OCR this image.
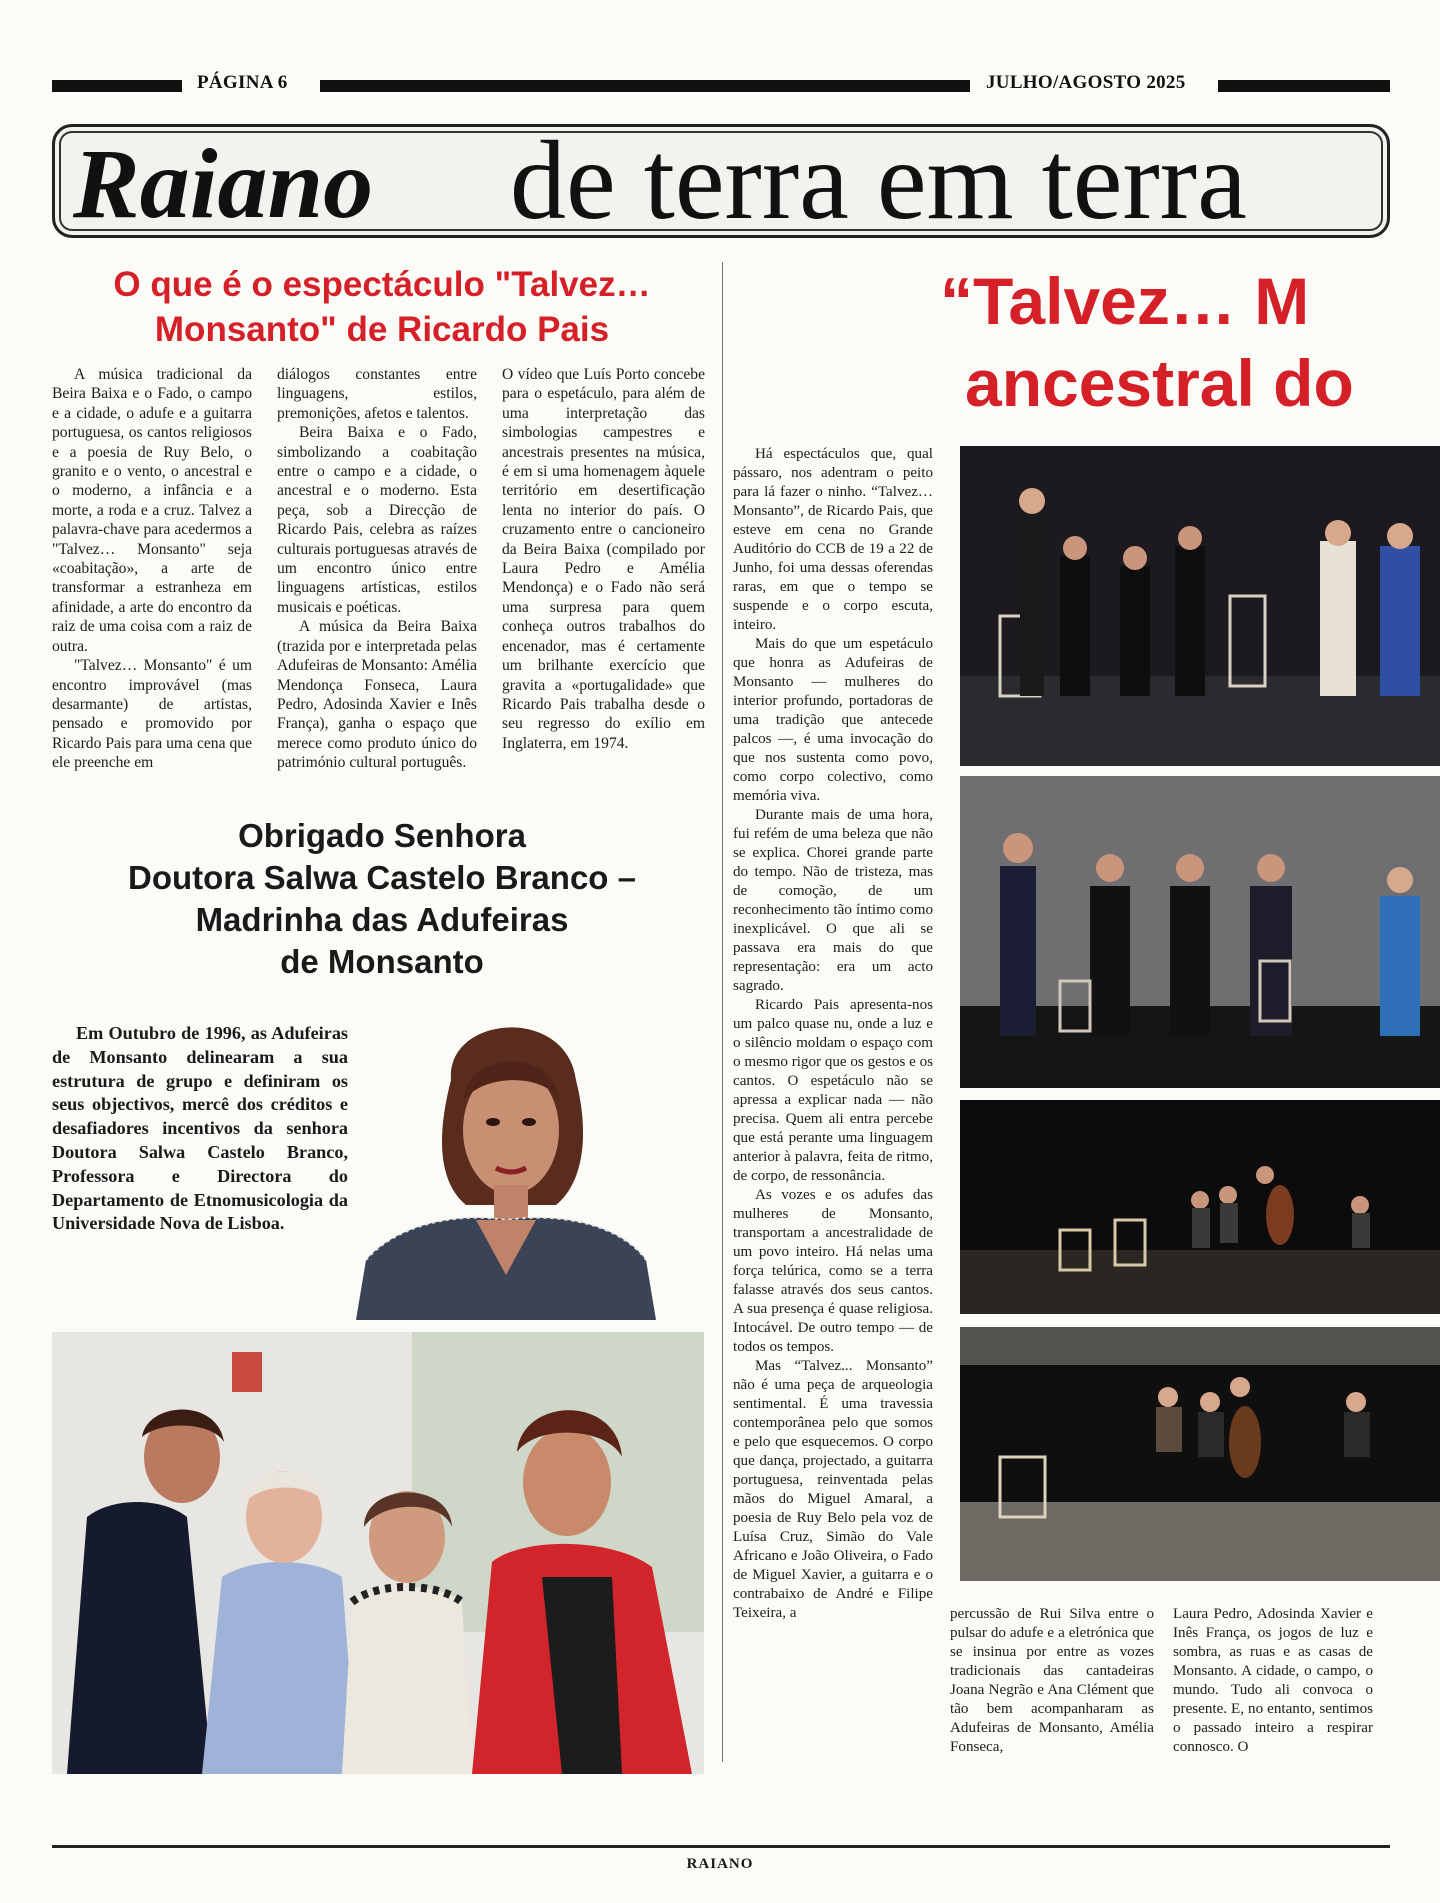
PÁGINA 6	JULHO/AGOSTO 2025
Raiano de terra em terra
O que é o espectáculo "Talvez…
Monsanto" de Ricardo Pais

A música tradicional da Beira Baixa e o Fado, o campo e a cidade, o adufe e a guitarra portuguesa, os cantos religiosos e a poesia de Ruy Belo, o granito e o vento, o ancestral e o moderno, a infância e a morte, a roda e a cruz. Talvez a palavra-chave para acedermos a "Talvez… Monsanto" seja «coabitação», a arte de transformar a estranheza em afinidade, a arte do encontro da raiz de uma coisa com a raiz de outra.

"Talvez… Monsanto" é um encontro improvável (mas desarmante) de artistas, pensado e promovido por Ricardo Pais para uma cena que ele preenche em

diálogos constantes entre linguagens, estilos, premonições, afetos e talentos.

Beira Baixa e o Fado, simbolizando a coabitação entre o campo e a cidade, o ancestral e o moderno. Esta peça, sob a Direcção de Ricardo Pais, celebra as raízes culturais portuguesas através de um encontro único entre linguagens artísticas, estilos musicais e poéticas.

A música da Beira Baixa (trazida por e interpretada pelas Adufeiras de Monsanto: Amélia Mendonça Fonseca, Laura Pedro, Adosinda Xavier e Inês França), ganha o espaço que merece como produto único do património cultural português.

O vídeo que Luís Porto concebe para o espetáculo, para além de uma interpretação das simbologias campestres e ancestrais presentes na música, é em si uma homenagem àquele território em desertificação lenta no interior do país. O cruzamento entre o cancioneiro da Beira Baixa (compilado por Laura Pedro e Amélia Mendonça) e o Fado não será uma surpresa para quem conheça outros trabalhos do encenador, mas é certamente um brilhante exercício que gravita a «portugalidade» que Ricardo Pais trabalha desde o seu regresso do exílio em Inglaterra, em 1974.

Obrigado Senhora
Doutora Salwa Castelo Branco –
Madrinha das Adufeiras
de Monsanto

Em Outubro de 1996, as Adufeiras de Monsanto delinearam a sua estrutura de grupo e definiram os seus objectivos, mercê dos créditos e desafiadores incentivos da senhora Doutora Salwa Castelo Branco, Professora e Directora do Departamento de Etnomusicologia da Universidade Nova de Lisboa.

“Talvez… M
ancestral do

Há espectáculos que, qual pássaro, nos adentram o peito para lá fazer o ninho. “Talvez… Monsanto”, de Ricardo Pais, que esteve em cena no Grande Auditório do CCB de 19 a 22 de Junho, foi uma dessas oferendas raras, em que o tempo se suspende e o corpo escuta, inteiro.

Mais do que um espetáculo que honra as Adufeiras de Monsanto — mulheres do interior profundo, portadoras de uma tradição que antecede palcos —, é uma invocação do que nos sustenta como povo, como corpo colectivo, como memória viva.

Durante mais de uma hora, fui refém de uma beleza que não se explica. Chorei grande parte do tempo. Não de tristeza, mas de comoção, de um reconhecimento tão íntimo como inexplicável. O que ali se passava era mais do que representação: era um acto sagrado.

Ricardo Pais apresenta-nos um palco quase nu, onde a luz e o silêncio moldam o espaço com o mesmo rigor que os gestos e os cantos. O espetáculo não se apressa a explicar nada — não precisa. Quem ali entra percebe que está perante uma linguagem anterior à palavra, feita de ritmo, de corpo, de ressonância.

As vozes e os adufes das mulheres de Monsanto, transportam a ancestralidade de um povo inteiro. Há nelas uma força telúrica, como se a terra falasse através dos seus cantos. A sua presença é quase religiosa. Intocável. De outro tempo — de todos os tempos.

Mas “Talvez... Monsanto” não é uma peça de arqueologia sentimental. É uma travessia contemporânea pelo que somos e pelo que esquecemos. O corpo que dança, projectado, a guitarra portuguesa, reinventada pelas mãos do Miguel Amaral, a poesia de Ruy Belo pela voz de Luísa Cruz, Simão do Vale Africano e João Oliveira, o Fado de Miguel Xavier, a guitarra e o contrabaixo de André e Filipe Teixeira, a	percussão de Rui Silva entre o pulsar do adufe e a eletrónica que se insinua por entre as vozes tradicionais das cantadeiras Joana Negrão e Ana Clément que tão bem acompanharam as Adufeiras de Monsanto, Amélia Fonseca,

Laura Pedro, Adosinda Xavier e Inês França, os jogos de luz e sombra, as ruas e as casas de Monsanto. A cidade, o campo, o mundo. Tudo ali convoca o presente. E, no entanto, sentimos o passado inteiro a respirar connosco. O

RAIANO
